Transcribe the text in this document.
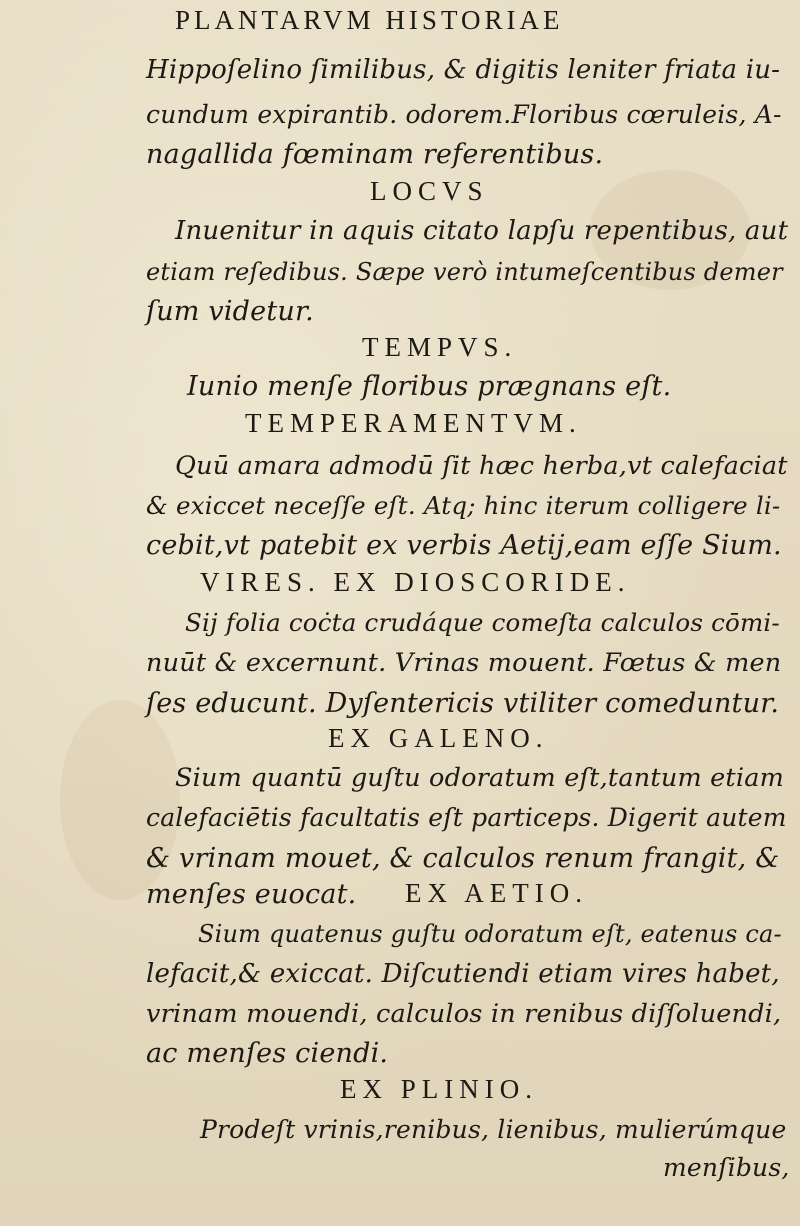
PLANTARVM HISTORIAE
Hippoſelino ſimilibus, & digitis leniter friata iu-
cundum expirantib. odorem.Floribus cœruleis, A-
nagallida fœminam referentibus.
LOCVS
Inuenitur in aquis citato lapſu repentibus, aut
etiam reſedibus. Sæpe verò intumeſcentibus demer
ſum videtur.
TEMPVS.
Iunio menſe floribus prægnans eſt.
TEMPERAMENTVM.
Quū amara admodū ſit hæc herba,vt calefaciat
& exiccet neceſſe eſt. Atq; hinc iterum colligere li-
cebit,vt patebit ex verbis Aetij,eam eſſe Sium.
VIRES. EX DIOSCORIDE.
Sij folia coċta crudáque comeſta calculos cōmi-
nuūt & excernunt. Vrinas mouent. Fœtus & men
ſes educunt. Dyſentericis vtiliter comeduntur.
EX GALENO.
Sium quantū guſtu odoratum eſt,tantum etiam
calefaciētis facultatis eſt particeps. Digerit autem
& vrinam mouet, & calculos renum frangit, &
menſes euocat. EX AETIO.
Sium quatenus guſtu odoratum eſt, eatenus ca-
lefacit,& exiccat. Diſcutiendi etiam vires habet,
vrinam mouendi, calculos in renibus diſſoluendi,
ac menſes ciendi.
EX PLINIO.
Prodeſt vrinis,renibus, lienibus, mulierúmque
menſibus,
